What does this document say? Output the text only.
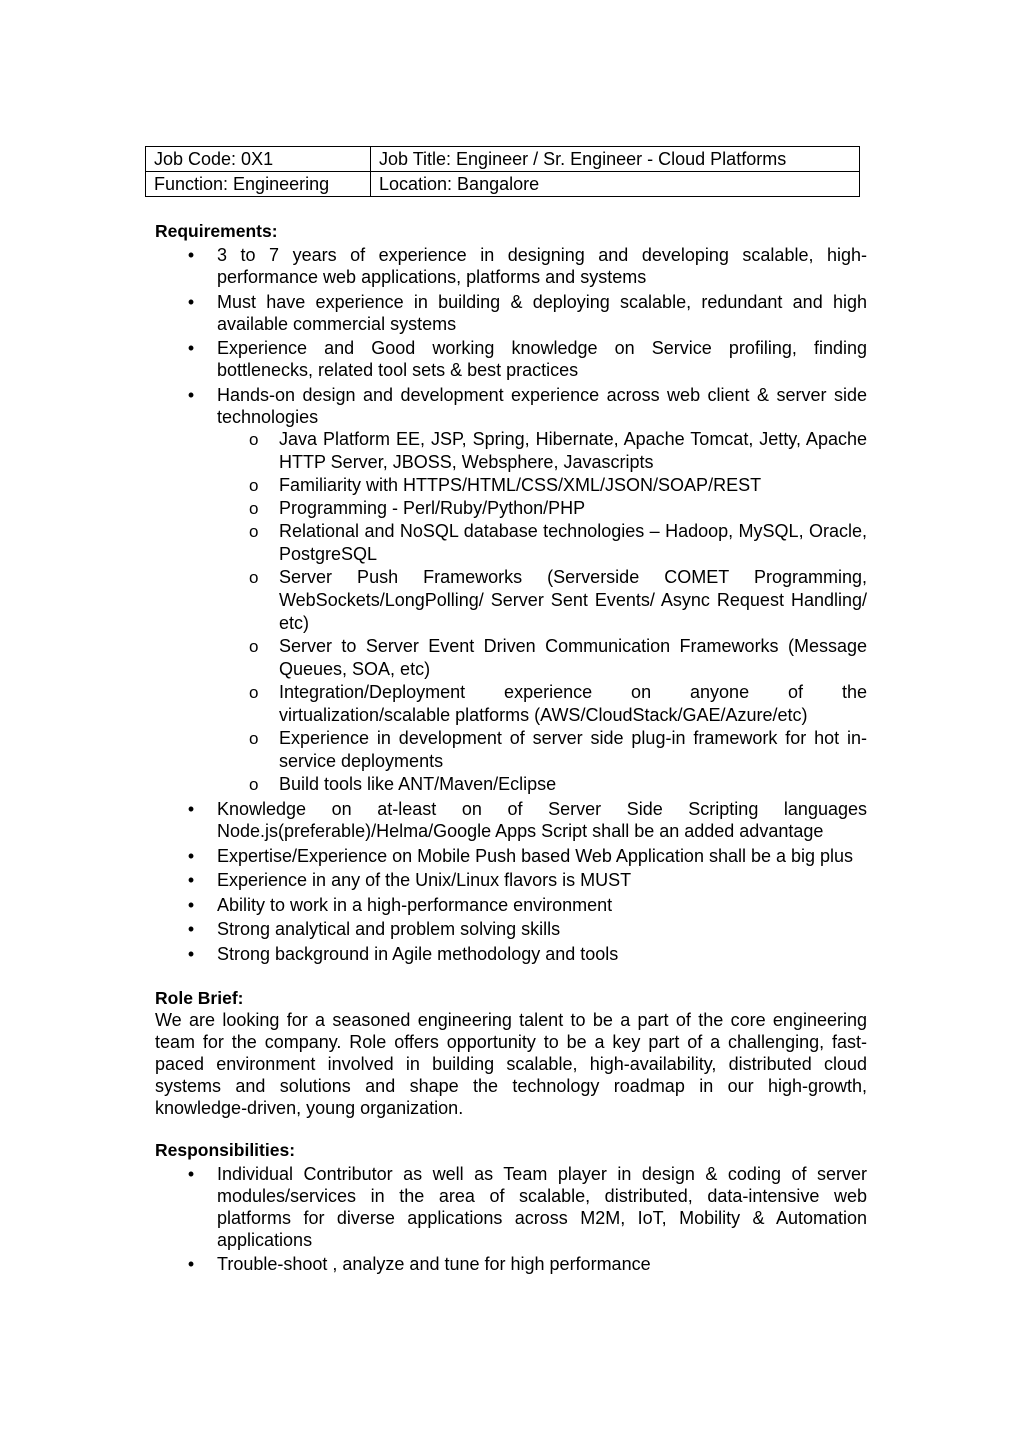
Job Code: 0X1	Job Title: Engineer / Sr. Engineer - Cloud Platforms
Function: Engineering	Location: Bangalore
Requirements:
• 3 to 7 years of experience in designing and developing scalable, high-performance web applications, platforms and systems
• Must have experience in building & deploying scalable, redundant and high available commercial systems
• Experience and Good working knowledge on Service profiling, finding bottlenecks, related tool sets & best practices
• Hands-on design and development experience across web client & server side technologies
o Java Platform EE, JSP, Spring, Hibernate, Apache Tomcat, Jetty, Apache HTTP Server, JBOSS, Websphere, Javascripts
o Familiarity with HTTPS/HTML/CSS/XML/JSON/SOAP/REST
o Programming - Perl/Ruby/Python/PHP
o Relational and NoSQL database technologies – Hadoop, MySQL, Oracle, PostgreSQL
o Server Push Frameworks (Serverside COMET Programming, WebSockets/LongPolling/ Server Sent Events/ Async Request Handling/ etc)
o Server to Server Event Driven Communication Frameworks (Message Queues, SOA, etc)
o Integration/Deployment experience on anyone of the virtualization/scalable platforms (AWS/CloudStack/GAE/Azure/etc)
o Experience in development of server side plug-in framework for hot in-service deployments
o Build tools like ANT/Maven/Eclipse
• Knowledge on at-least on of Server Side Scripting languages Node.js(preferable)/Helma/Google Apps Script shall be an added advantage
• Expertise/Experience on Mobile Push based Web Application shall be a big plus
• Experience in any of the Unix/Linux flavors is MUST
• Ability to work in a high-performance environment
• Strong analytical and problem solving skills
• Strong background in Agile methodology and tools
Role Brief:

We are looking for a seasoned engineering talent to be a part of the core engineering team for the company. Role offers opportunity to be a key part of a challenging, fast-paced environment involved in building scalable, high-availability, distributed cloud systems and solutions and shape the technology roadmap in our high-growth, knowledge-driven, young organization.

Responsibilities:
• Individual Contributor as well as Team player in design & coding of server modules/services in the area of scalable, distributed, data-intensive web platforms for diverse applications across M2M, IoT, Mobility & Automation applications
• Trouble-shoot , analyze and tune for high performance
